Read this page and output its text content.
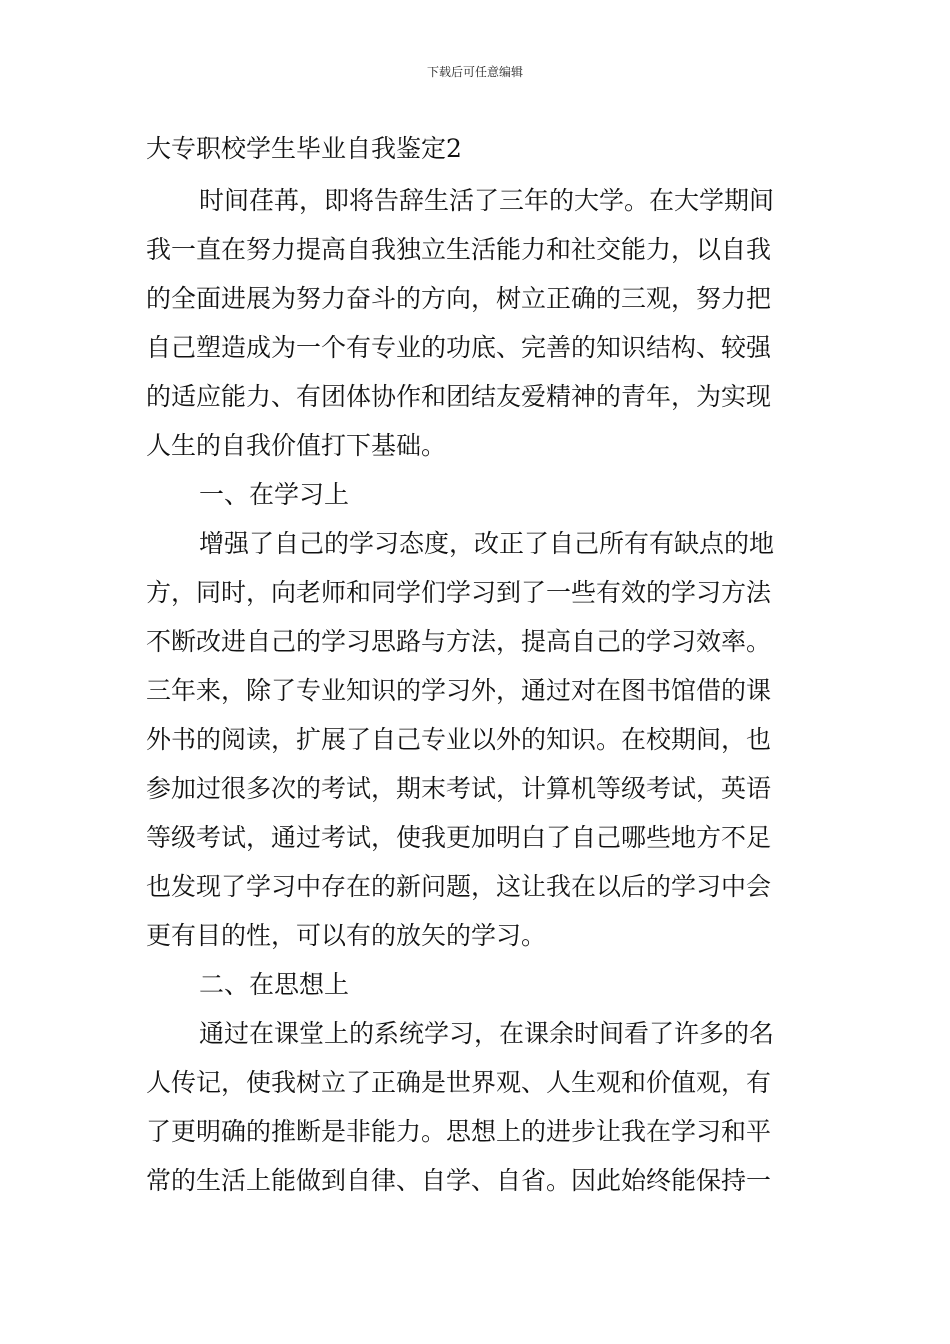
下载后可任意编辑
大专职校学生毕业自我鉴定2
时间荏苒，即将告辞生活了三年的大学。在大学期间
我一直在努力提高自我独立生活能力和社交能力，以自我
的全面进展为努力奋斗的方向，树立正确的三观，努力把
自己塑造成为一个有专业的功底、完善的知识结构、较强
的适应能力、有团体协作和团结友爱精神的青年，为实现
人生的自我价值打下基础。
一、在学习上
增强了自己的学习态度，改正了自己所有有缺点的地
方，同时，向老师和同学们学习到了一些有效的学习方法
不断改进自己的学习思路与方法，提高自己的学习效率。
三年来，除了专业知识的学习外，通过对在图书馆借的课
外书的阅读，扩展了自己专业以外的知识。在校期间，也
参加过很多次的考试，期末考试，计算机等级考试，英语
等级考试，通过考试，使我更加明白了自己哪些地方不足
也发现了学习中存在的新问题，这让我在以后的学习中会
更有目的性，可以有的放矢的学习。
二、在思想上
通过在课堂上的系统学习，在课余时间看了许多的名
人传记，使我树立了正确是世界观、人生观和价值观，有
了更明确的推断是非能力。思想上的进步让我在学习和平
常的生活上能做到自律、自学、自省。因此始终能保持一
